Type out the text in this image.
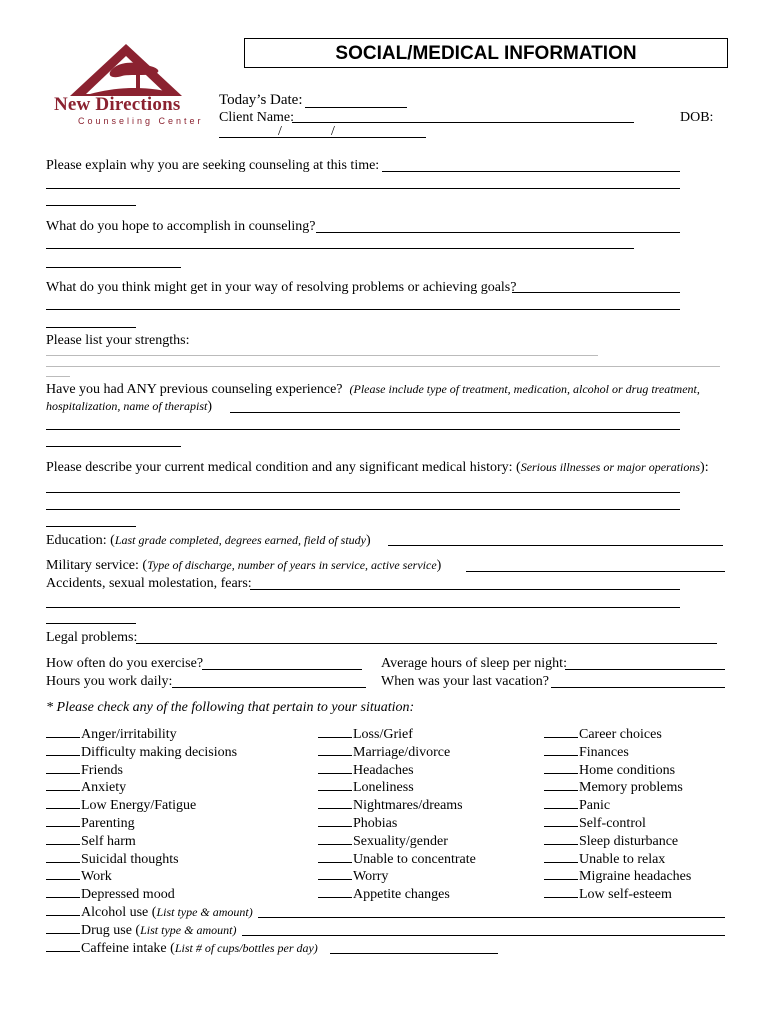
New Directions
Counseling Center
SOCIAL/MEDICAL INFORMATION
Today’s Date:
Client Name:	DOB:
/	/
Please explain why you are seeking counseling at this time:
What do you hope to accomplish in counseling?
What do you think might get in your way of resolving problems or achieving goals?
Please list your strengths:
Have you had ANY previous counseling experience? (Please include type of treatment, medication, alcohol or drug treatment,
hospitalization, name of therapist)
Please describe your current medical condition and any significant medical history: (Serious illnesses or major operations):
Education: (Last grade completed, degrees earned, field of study)
Military service: (Type of discharge, number of years in service, active service)
Accidents, sexual molestation, fears:
Legal problems:
How often do you exercise?	Average hours of sleep per night:
Hours you work daily:	When was your last vacation?
* Please check any of the following that pertain to your situation:
Anger/irritability
Difficulty making decisions
Friends
Anxiety
Low Energy/Fatigue
Parenting
Self harm
Suicidal thoughts
Work
Depressed mood
Loss/Grief
Marriage/divorce
Headaches
Loneliness
Nightmares/dreams
Phobias
Sexuality/gender
Unable to concentrate
Worry
Appetite changes
Career choices
Finances
Home conditions
Memory problems
Panic
Self-control
Sleep disturbance
Unable to relax
Migraine headaches
Low self-esteem
Alcohol use (List type & amount)
Drug use (List type & amount)
Caffeine intake (List # of cups/bottles per day)
